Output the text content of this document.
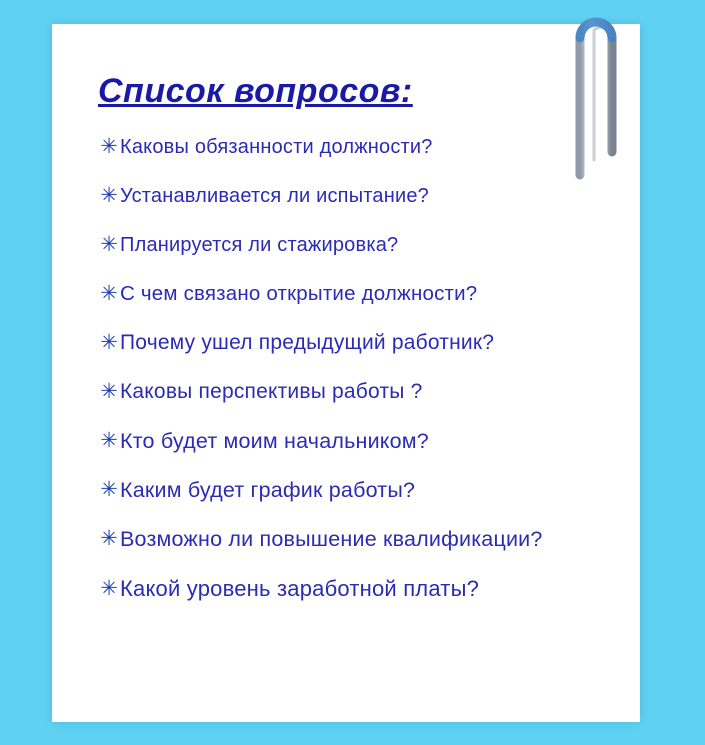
Список вопросов:
✳ Каковы обязанности должности?
✳ Устанавливается ли испытание?
✳ Планируется ли стажировка?
✳ С чем связано открытие должности?
✳ Почему ушел предыдущий работник?
✳ Каковы перспективы работы ?
✳ Кто будет моим начальником?
✳ Каким будет график работы?
✳ Возможно ли повышение квалификации?
✳ Какой уровень заработной платы?
